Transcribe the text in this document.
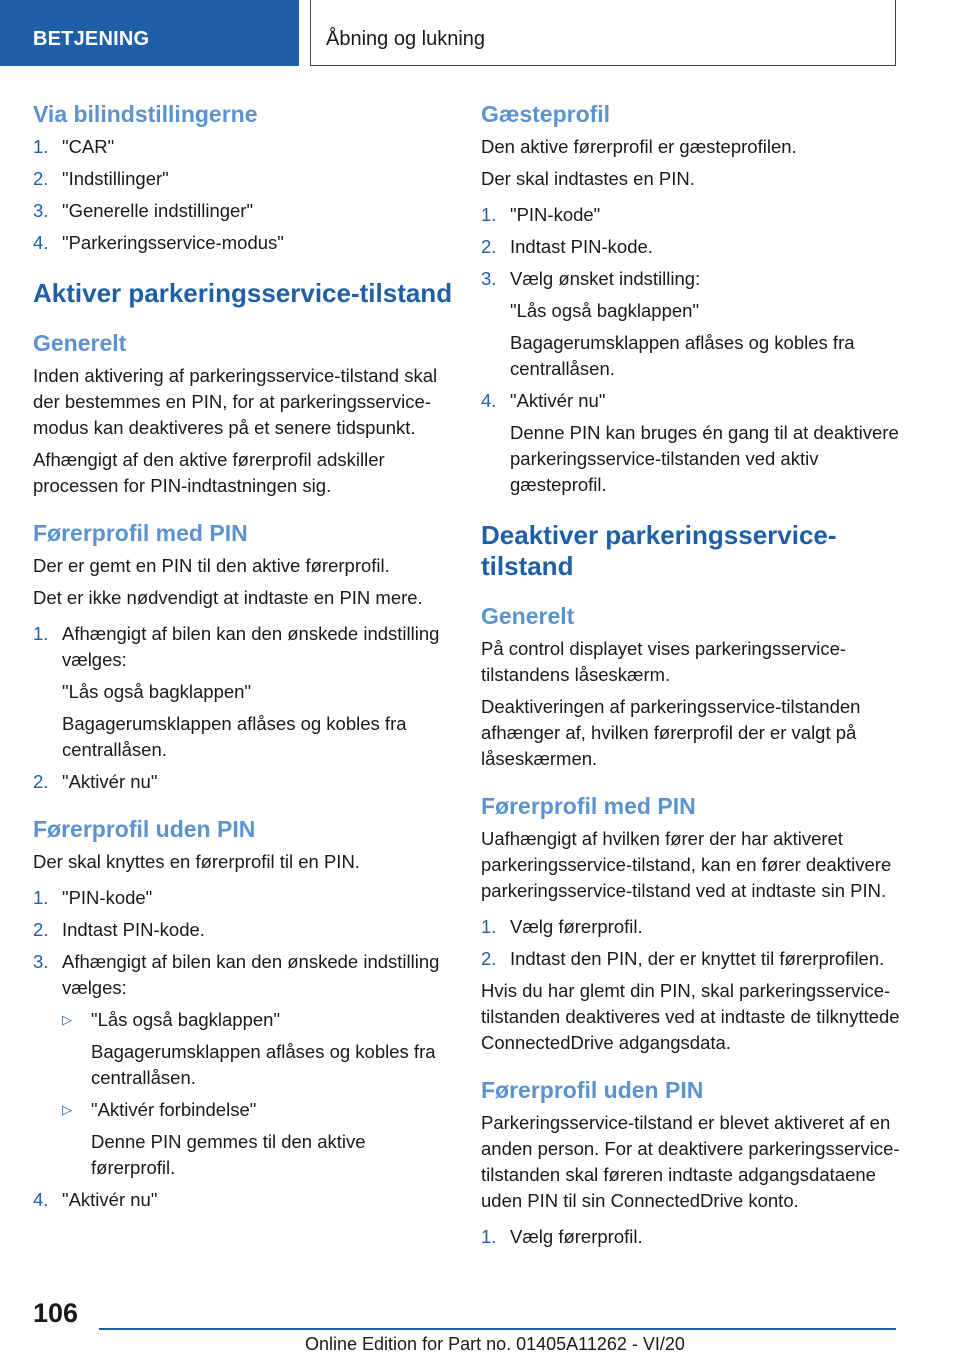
BETJENING	Åbning og lukning
Via bilindstillingerne
1. "CAR"
2. "Indstillinger"
3. "Generelle indstillinger"
4. "Parkeringsservice-modus"
Aktiver parkeringsservice-tilstand
Generelt

Inden aktivering af parkeringsservice-tilstand skal der bestemmes en PIN, for at parkeringsservice-modus kan deaktiveres på et senere tidspunkt.

Afhængigt af den aktive førerprofil adskiller processen for PIN-indtastningen sig.

Førerprofil med PIN

Der er gemt en PIN til den aktive førerprofil.

Det er ikke nødvendigt at indtaste en PIN mere.

1. Afhængigt af bilen kan den ønskede indstilling vælges:
"Lås også bagklappen"
Bagagerumsklappen aflåses og kobles fra centrallåsen.
2. "Aktivér nu"
Førerprofil uden PIN

Der skal knyttes en førerprofil til en PIN.

1. "PIN-kode"
2. Indtast PIN-kode.
3. Afhængigt af bilen kan den ønskede indstilling vælges:
▷ "Lås også bagklappen"
Bagagerumsklappen aflåses og kobles fra centrallåsen.
▷ "Aktivér forbindelse"
Denne PIN gemmes til den aktive førerprofil.
4. "Aktivér nu"
Gæsteprofil

Den aktive førerprofil er gæsteprofilen.

Der skal indtastes en PIN.

1. "PIN-kode"
2. Indtast PIN-kode.
3. Vælg ønsket indstilling:
"Lås også bagklappen"
Bagagerumsklappen aflåses og kobles fra centrallåsen.
4. "Aktivér nu"
Denne PIN kan bruges én gang til at deaktivere parkeringsservice-tilstanden ved aktiv gæsteprofil.
Deaktiver parkeringsservice-tilstand
Generelt

På control displayet vises parkeringsservice-tilstandens låseskærm.

Deaktiveringen af parkeringsservice-tilstanden afhænger af, hvilken førerprofil der er valgt på låseskærmen.

Førerprofil med PIN

Uafhængigt af hvilken fører der har aktiveret parkeringsservice-tilstand, kan en fører deaktivere parkeringsservice-tilstand ved at indtaste sin PIN.

1. Vælg førerprofil.
2. Indtast den PIN, der er knyttet til førerprofilen.

Hvis du har glemt din PIN, skal parkeringsservice-tilstanden deaktiveres ved at indtaste de tilknyttede ConnectedDrive adgangsdata.

Førerprofil uden PIN

Parkeringsservice-tilstand er blevet aktiveret af en anden person. For at deaktivere parkeringsservice-tilstanden skal føreren indtaste adgangsdataene uden PIN til sin ConnectedDrive konto.

1. Vælg førerprofil.
106
Online Edition for Part no. 01405A11262 - VI/20
